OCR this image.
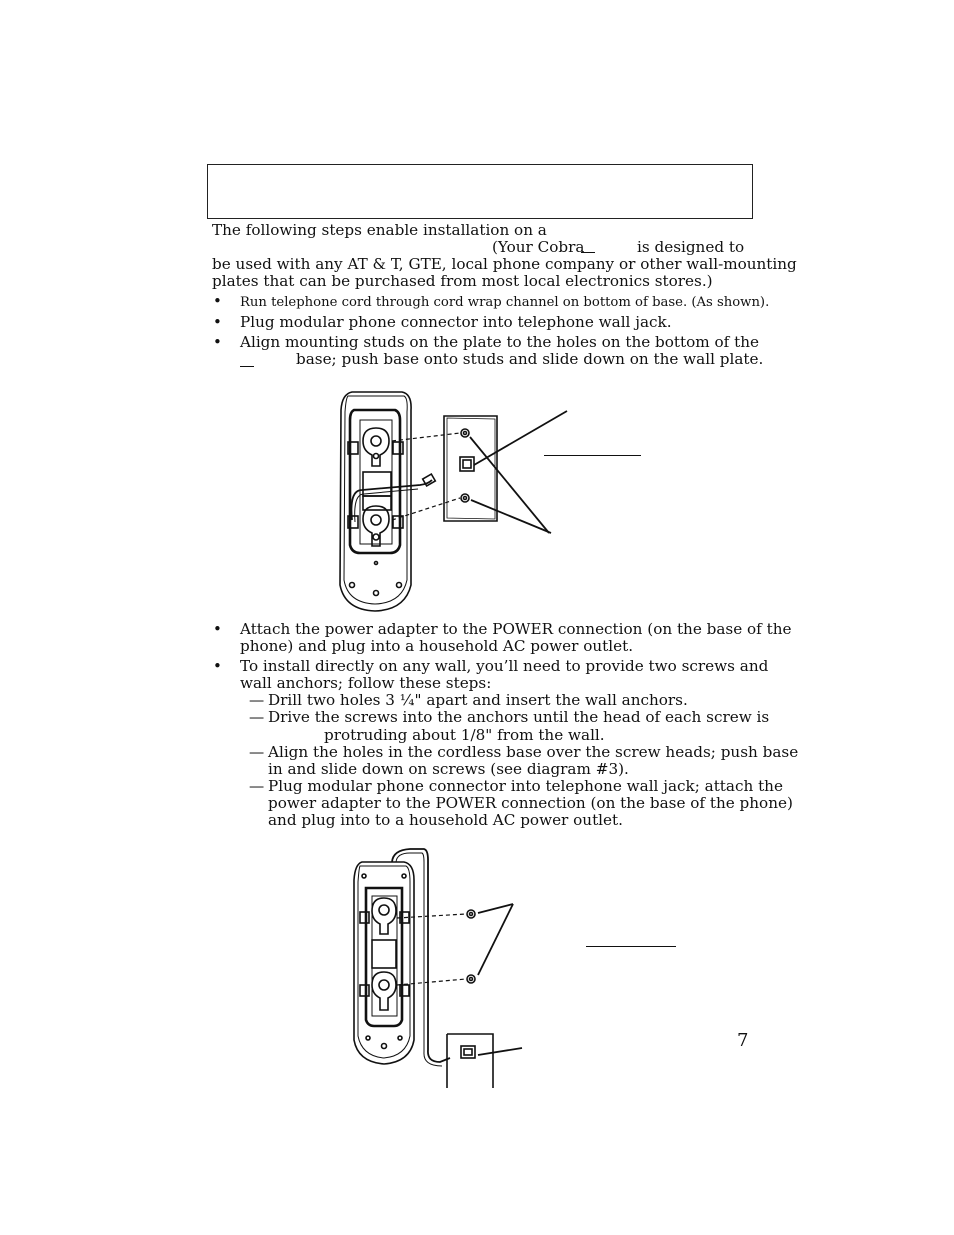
The following steps enable installation on a
(Your Cobra	is designed to
be used with any AT & T, GTE, local phone company or other wall-mounting
plates that can be purchased from most local electronics stores.)
• Run telephone cord through cord wrap channel on bottom of base. (As shown).
• Plug modular phone connector into telephone wall jack.
• Align mounting studs on the plate to the holes on the bottom of the
base; push base onto studs and slide down on the wall plate.
• Attach the power adapter to the POWER connection (on the base of the
phone) and plug into a household AC power outlet.
• To install directly on any wall, you’ll need to provide two screws and
wall anchors; follow these steps:
— Drill two holes 3 ¼" apart and insert the wall anchors.
— Drive the screws into the anchors until the head of each screw is
protruding about 1/8" from the wall.
— Align the holes in the cordless base over the screw heads; push base
in and slide down on screws (see diagram #3).
— Plug modular phone connector into telephone wall jack; attach the
power adapter to the POWER connection (on the base of the phone)
and plug into to a household AC power outlet.
7
